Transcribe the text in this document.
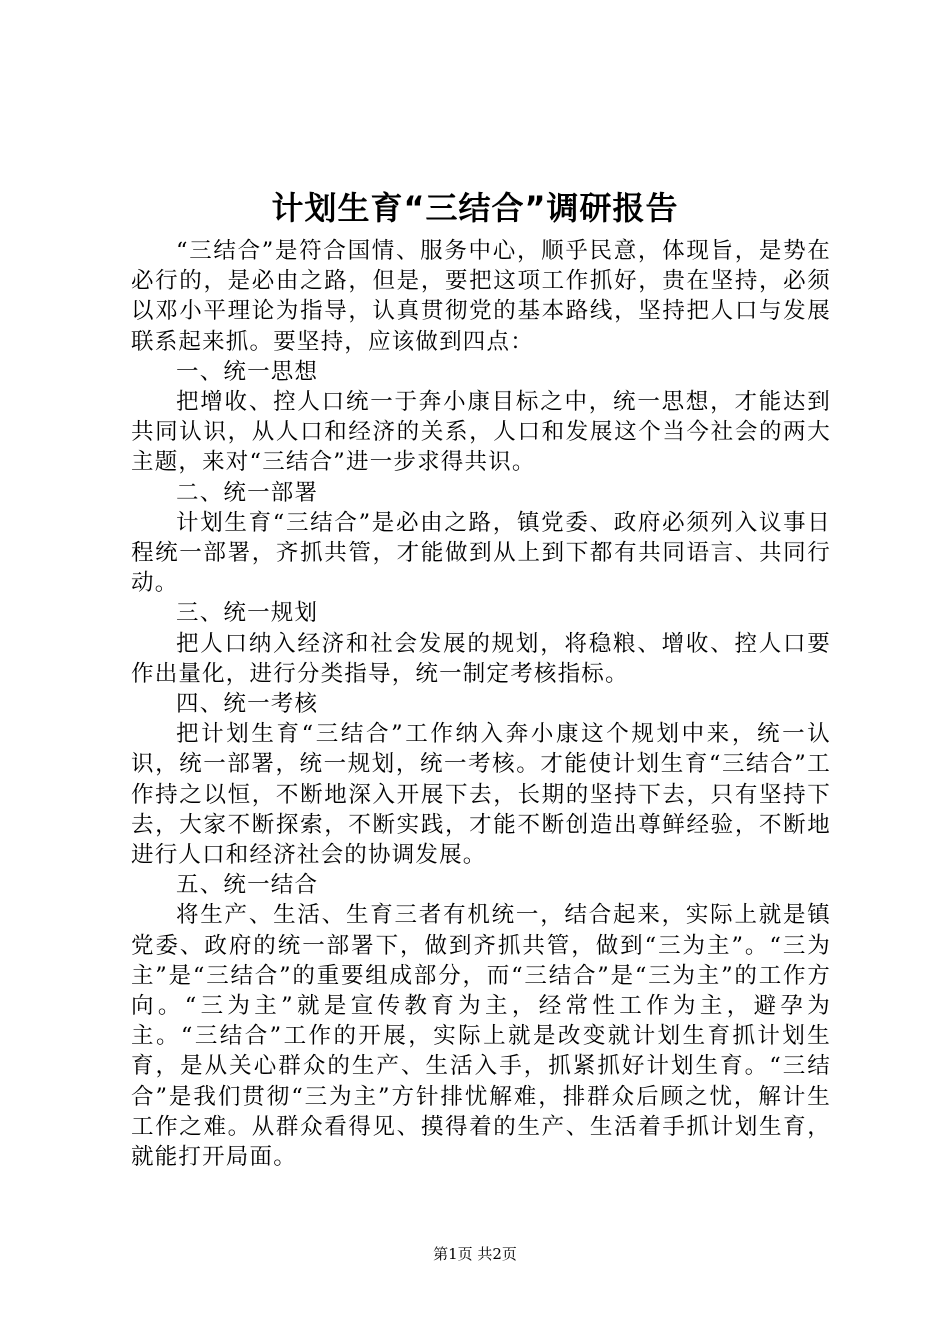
计划生育“三结合”调研报告

“三结合”是符合国情、服务中心，顺乎民意，体现旨，是势在必行的，是必由之路，但是，要把这项工作抓好，贵在坚持，必须以邓小平理论为指导，认真贯彻党的基本路线，坚持把人口与发展联系起来抓。要坚持，应该做到四点：

一、统一思想

把增收、控人口统一于奔小康目标之中，统一思想，才能达到共同认识，从人口和经济的关系，人口和发展这个当今社会的两大主题，来对“三结合”进一步求得共识。

二、统一部署

计划生育“三结合”是必由之路，镇党委、政府必须列入议事日程统一部署，齐抓共管，才能做到从上到下都有共同语言、共同行动。

三、统一规划

把人口纳入经济和社会发展的规划，将稳粮、增收、控人口要作出量化，进行分类指导，统一制定考核指标。

四、统一考核

把计划生育“三结合”工作纳入奔小康这个规划中来，统一认识，统一部署，统一规划，统一考核。才能使计划生育“三结合”工作持之以恒，不断地深入开展下去，长期的坚持下去，只有坚持下去，大家不断探索，不断实践，才能不断创造出尊鲜经验，不断地进行人口和经济社会的协调发展。

五、统一结合

将生产、生活、生育三者有机统一，结合起来，实际上就是镇党委、政府的统一部署下，做到齐抓共管，做到“三为主”。“三为主”是“三结合”的重要组成部分，而“三结合”是“三为主”的工作方向。“三为主”就是宣传教育为主，经常性工作为主，避孕为主。“三结合”工作的开展，实际上就是改变就计划生育抓计划生育，是从关心群众的生产、生活入手，抓紧抓好计划生育。“三结合”是我们贯彻“三为主”方针排忧解难，排群众后顾之忧，解计生工作之难。从群众看得见、摸得着的生产、生活着手抓计划生育，就能打开局面。

第1页 共2页
